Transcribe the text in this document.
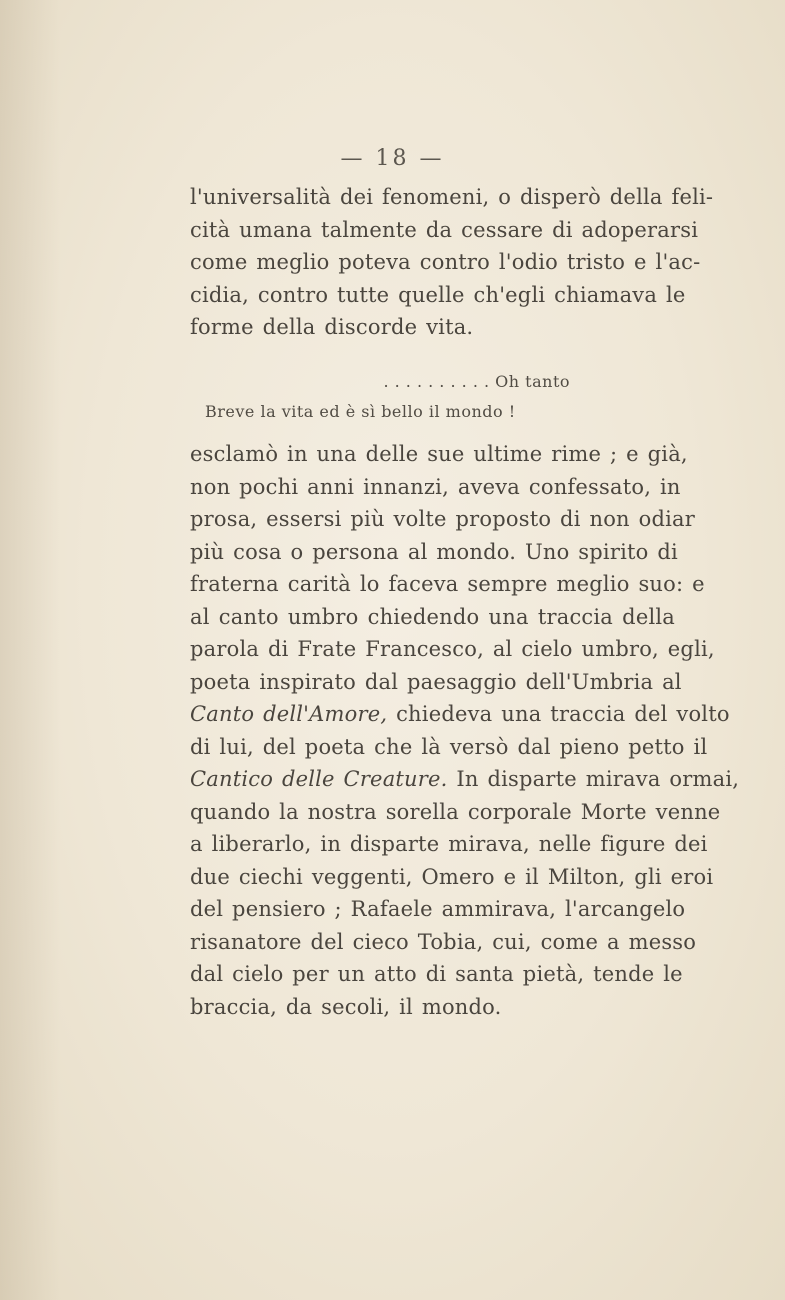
— 18 —
l'universalità dei fenomeni, o disperò della feli-
cità umana talmente da cessare di adoperarsi
come meglio poteva contro l'odio tristo e l'ac-
cidia, contro tutte quelle ch'egli chiamava le
forme della discorde vita.
. . . . . . . . . . Oh tanto
Breve la vita ed è sì bello il mondo !
esclamò in una delle sue ultime rime ; e già,
non pochi anni innanzi, aveva confessato, in
prosa, essersi più volte proposto di non odiar
più cosa o persona al mondo. Uno spirito di
fraterna carità lo faceva sempre meglio suo: e
al canto umbro chiedendo una traccia della
parola di Frate Francesco, al cielo umbro, egli,
poeta inspirato dal paesaggio dell'Umbria al
Canto dell'Amore, chiedeva una traccia del volto
di lui, del poeta che là versò dal pieno petto il
Cantico delle Creature. In disparte mirava ormai,
quando la nostra sorella corporale Morte venne
a liberarlo, in disparte mirava, nelle figure dei
due ciechi veggenti, Omero e il Milton, gli eroi
del pensiero ; Rafaele ammirava, l'arcangelo
risanatore del cieco Tobia, cui, come a messo
dal cielo per un atto di santa pietà, tende le
braccia, da secoli, il mondo.
